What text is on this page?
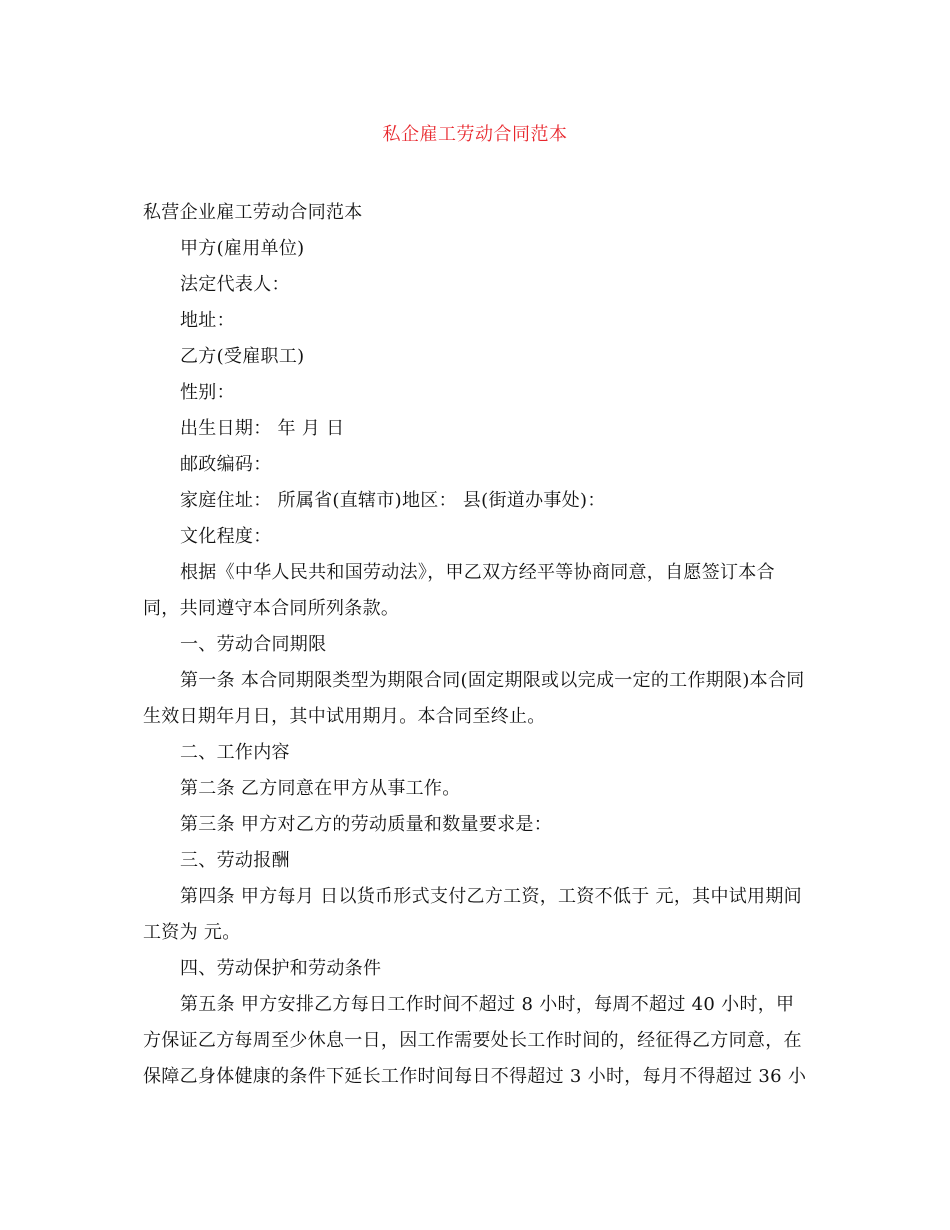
私企雇工劳动合同范本

私营企业雇工劳动合同范本

甲方(雇用单位)

法定代表人：

地址：

乙方(受雇职工)

性别：

出生日期： 年 月 日

邮政编码：

家庭住址： 所属省(直辖市)地区： 县(街道办事处)：

文化程度：

根据《中华人民共和国劳动法》，甲乙双方经平等协商同意，自愿签订本合同，共同遵守本合同所列条款。

一、劳动合同期限

第一条 本合同期限类型为期限合同(固定期限或以完成一定的工作期限)本合同生效日期年月日，其中试用期月。本合同至终止。

二、工作内容

第二条 乙方同意在甲方从事工作。

第三条 甲方对乙方的劳动质量和数量要求是：

三、劳动报酬

第四条 甲方每月 日以货币形式支付乙方工资，工资不低于 元，其中试用期间工资为 元。

四、劳动保护和劳动条件

第五条 甲方安排乙方每日工作时间不超过 8 小时，每周不超过 40 小时，甲方保证乙方每周至少休息一日，因工作需要处长工作时间的，经征得乙方同意，在保障乙身体健康的条件下延长工作时间每日不得超过 3 小时，每月不得超过 36 小
